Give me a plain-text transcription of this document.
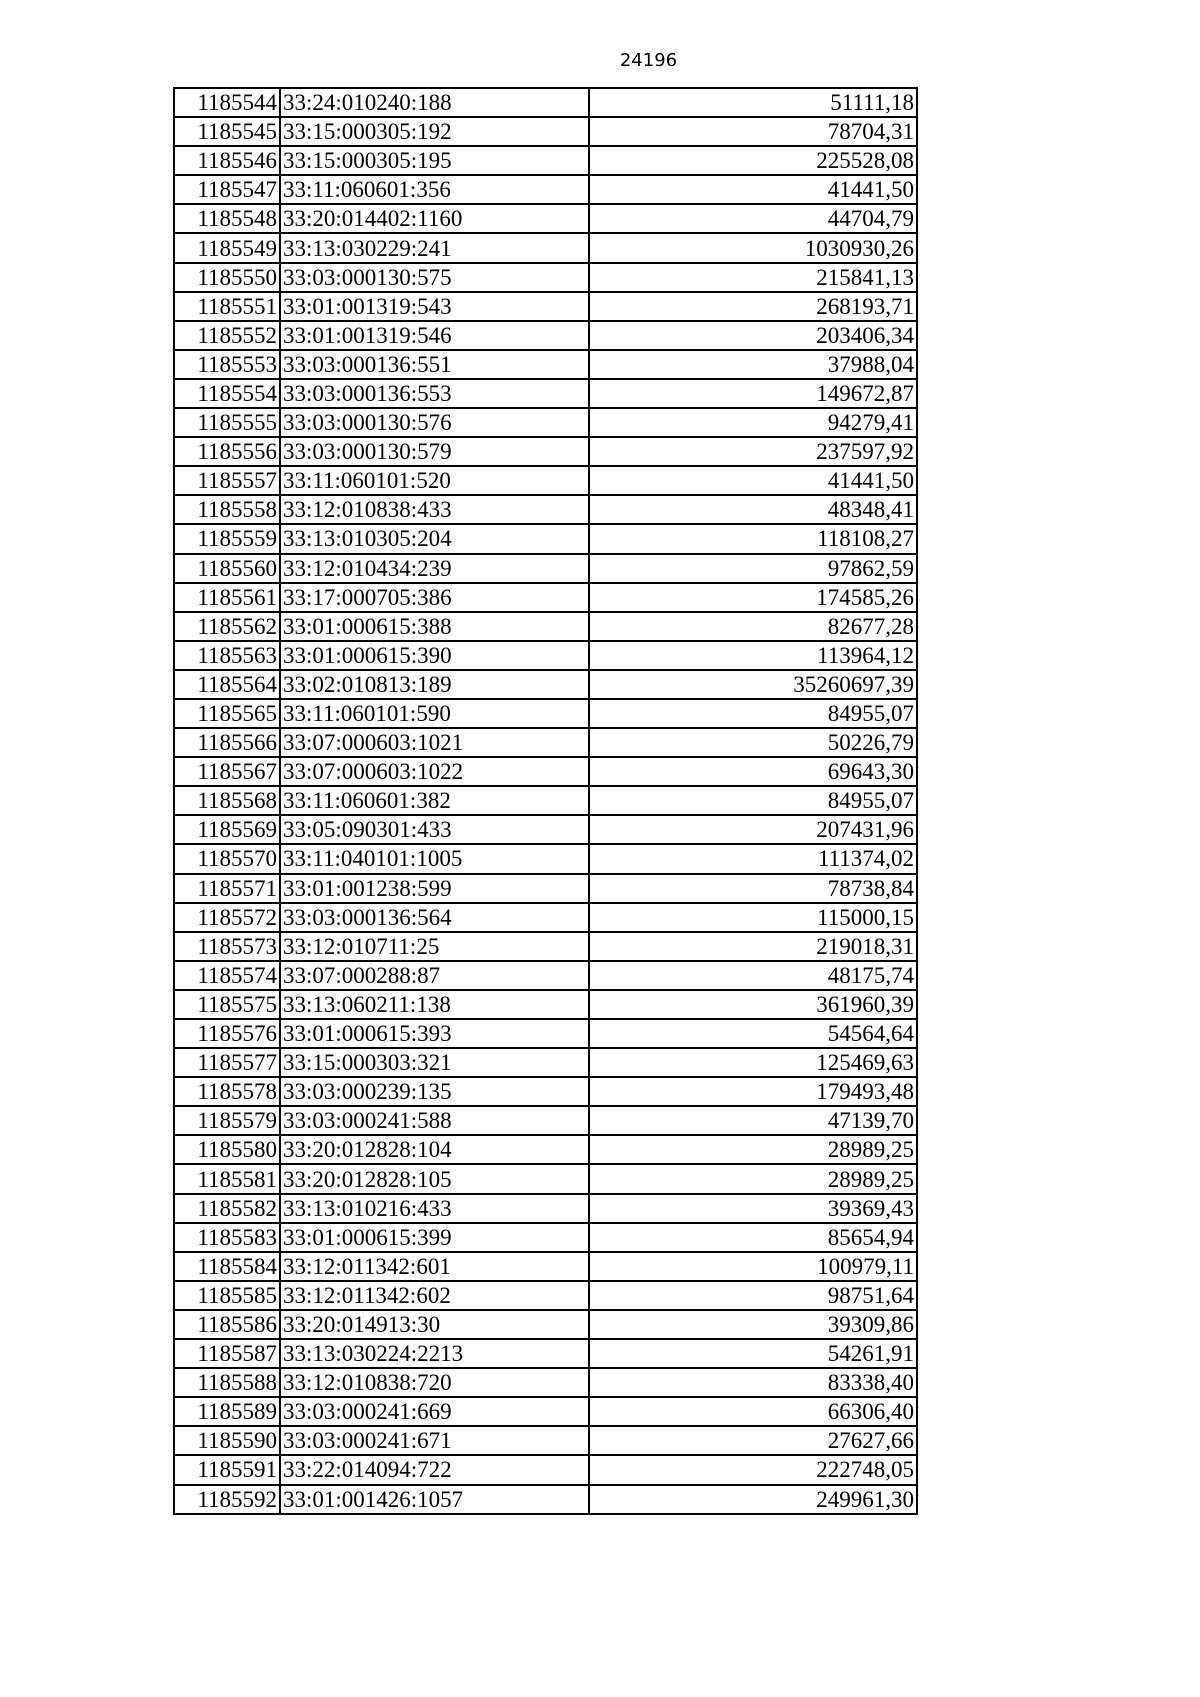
24196
1185544	33:24:010240:188	51111,18
1185545	33:15:000305:192	78704,31
1185546	33:15:000305:195	225528,08
1185547	33:11:060601:356	41441,50
1185548	33:20:014402:1160	44704,79
1185549	33:13:030229:241	1030930,26
1185550	33:03:000130:575	215841,13
1185551	33:01:001319:543	268193,71
1185552	33:01:001319:546	203406,34
1185553	33:03:000136:551	37988,04
1185554	33:03:000136:553	149672,87
1185555	33:03:000130:576	94279,41
1185556	33:03:000130:579	237597,92
1185557	33:11:060101:520	41441,50
1185558	33:12:010838:433	48348,41
1185559	33:13:010305:204	118108,27
1185560	33:12:010434:239	97862,59
1185561	33:17:000705:386	174585,26
1185562	33:01:000615:388	82677,28
1185563	33:01:000615:390	113964,12
1185564	33:02:010813:189	35260697,39
1185565	33:11:060101:590	84955,07
1185566	33:07:000603:1021	50226,79
1185567	33:07:000603:1022	69643,30
1185568	33:11:060601:382	84955,07
1185569	33:05:090301:433	207431,96
1185570	33:11:040101:1005	111374,02
1185571	33:01:001238:599	78738,84
1185572	33:03:000136:564	115000,15
1185573	33:12:010711:25	219018,31
1185574	33:07:000288:87	48175,74
1185575	33:13:060211:138	361960,39
1185576	33:01:000615:393	54564,64
1185577	33:15:000303:321	125469,63
1185578	33:03:000239:135	179493,48
1185579	33:03:000241:588	47139,70
1185580	33:20:012828:104	28989,25
1185581	33:20:012828:105	28989,25
1185582	33:13:010216:433	39369,43
1185583	33:01:000615:399	85654,94
1185584	33:12:011342:601	100979,11
1185585	33:12:011342:602	98751,64
1185586	33:20:014913:30	39309,86
1185587	33:13:030224:2213	54261,91
1185588	33:12:010838:720	83338,40
1185589	33:03:000241:669	66306,40
1185590	33:03:000241:671	27627,66
1185591	33:22:014094:722	222748,05
1185592	33:01:001426:1057	249961,30
